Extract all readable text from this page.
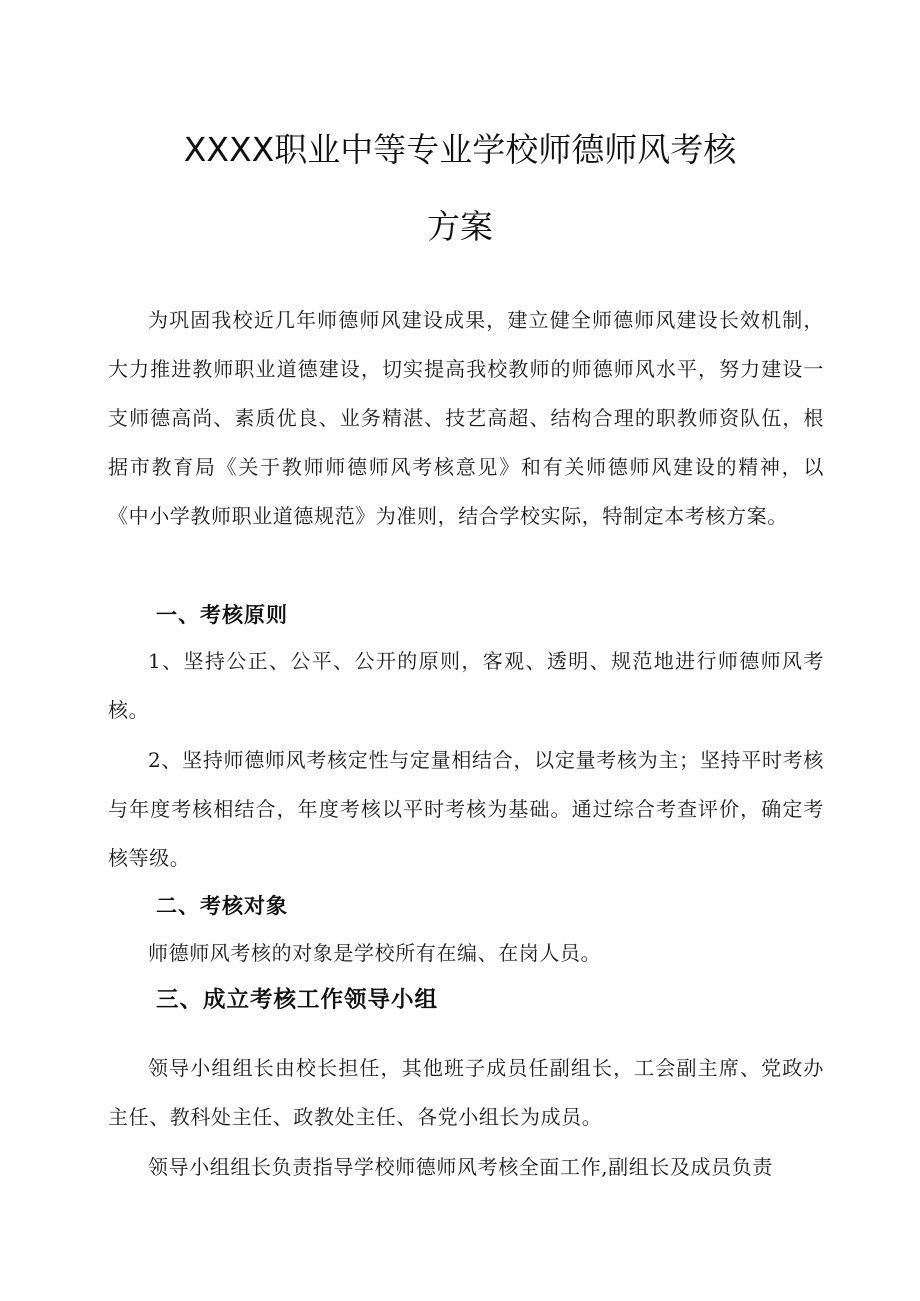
XXXX职业中等专业学校师德师风考核
方案

为巩固我校近几年师德师风建设成果，建立健全师德师风建设长效机制，大力推进教师职业道德建设，切实提高我校教师的师德师风水平，努力建设一支师德高尚、素质优良、业务精湛、技艺高超、结构合理的职教师资队伍，根据市教育局《关于教师师德师风考核意见》和有关师德师风建设的精神，以《中小学教师职业道德规范》为准则，结合学校实际，特制定本考核方案。

一、考核原则

1、坚持公正、公平、公开的原则，客观、透明、规范地进行师德师风考核。

2、坚持师德师风考核定性与定量相结合，以定量考核为主；坚持平时考核与年度考核相结合，年度考核以平时考核为基础。通过综合考查评价，确定考核等级。

二、考核对象

师德师风考核的对象是学校所有在编、在岗人员。

三、成立考核工作领导小组

领导小组组长由校长担任，其他班子成员任副组长，工会副主席、党政办主任、教科处主任、政教处主任、各党小组长为成员。

领导小组组长负责指导学校师德师风考核全面工作,副组长及成员负责
